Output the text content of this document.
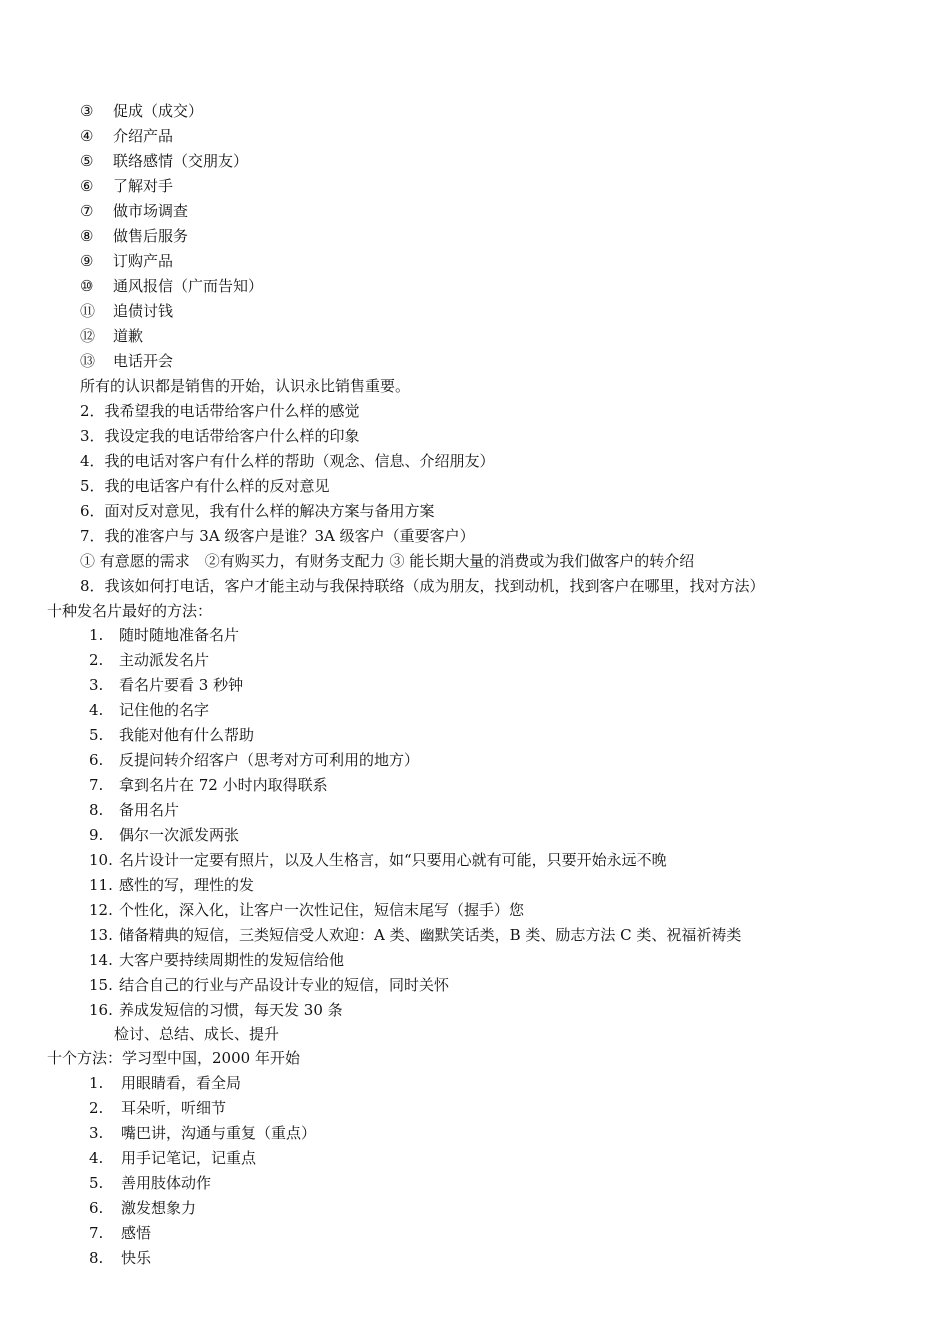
③ 促成（成交）
④ 介绍产品
⑤ 联络感情（交朋友）
⑥ 了解对手
⑦ 做市场调查
⑧ 做售后服务
⑨ 订购产品
⑩ 通风报信（广而告知）
⑪ 追债讨钱
⑫ 道歉
⑬ 电话开会
所有的认识都是销售的开始，认识永比销售重要。
2．我希望我的电话带给客户什么样的感觉
3．我设定我的电话带给客户什么样的印象
4．我的电话对客户有什么样的帮助（观念、信息、介绍朋友）
5．我的电话客户有什么样的反对意见
6．面对反对意见，我有什么样的解决方案与备用方案
7．我的准客户与 3A 级客户是谁？3A 级客户（重要客户）
① 有意愿的需求　②有购买力，有财务支配力 ③ 能长期大量的消费或为我们做客户的转介绍
8．我该如何打电话，客户才能主动与我保持联络（成为朋友，找到动机，找到客户在哪里，找对方法）
十种发名片最好的方法：
1. 随时随地准备名片
2. 主动派发名片
3. 看名片要看 3 秒钟
4. 记住他的名字
5. 我能对他有什么帮助
6. 反提问转介绍客户（思考对方可利用的地方）
7. 拿到名片在 72 小时内取得联系
8. 备用名片
9. 偶尔一次派发两张
10. 名片设计一定要有照片，以及人生格言，如“只要用心就有可能，只要开始永远不晚
11. 感性的写，理性的发
12. 个性化，深入化，让客户一次性记住，短信末尾写（握手）您
13. 储备精典的短信，三类短信受人欢迎：A 类、幽默笑话类，B 类、励志方法 C 类、祝福祈祷类
14. 大客户要持续周期性的发短信给他
15. 结合自己的行业与产品设计专业的短信，同时关怀
16. 养成发短信的习惯，每天发 30 条
检讨、总结、成长、提升
十个方法：学习型中国，2000 年开始
1. 用眼睛看，看全局
2. 耳朵听，听细节
3. 嘴巴讲，沟通与重复（重点）
4. 用手记笔记，记重点
5. 善用肢体动作
6. 激发想象力
7. 感悟
8. 快乐
